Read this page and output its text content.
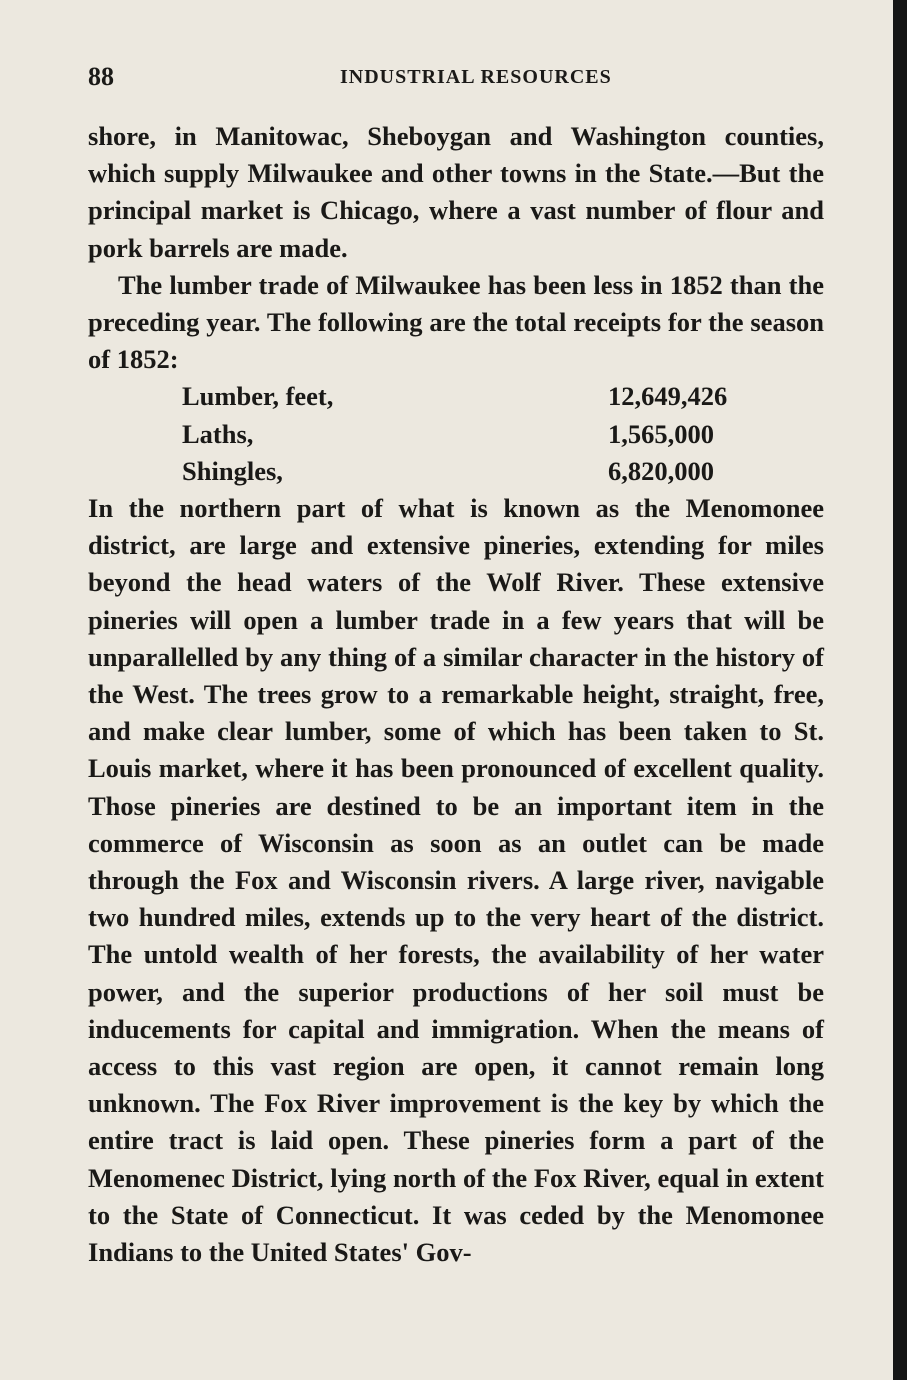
88	INDUSTRIAL RESOURCES

shore, in Manitowac, Sheboygan and Washington counties, which supply Milwaukee and other towns in the State.—But the principal market is Chicago, where a vast number of flour and pork barrels are made.

The lumber trade of Milwaukee has been less in 1852 than the preceding year. The following are the total receipts for the season of 1852:

Lumber, feet,	12,649,426
Laths,	1,565,000
Shingles,	6,820,000

In the northern part of what is known as the Menomonee district, are large and extensive pineries, extending for miles beyond the head waters of the Wolf River. These extensive pineries will open a lumber trade in a few years that will be unparallelled by any thing of a similar character in the history of the West. The trees grow to a remarkable height, straight, free, and make clear lumber, some of which has been taken to St. Louis market, where it has been pronounced of excellent quality. Those pineries are destined to be an important item in the commerce of Wisconsin as soon as an outlet can be made through the Fox and Wisconsin rivers. A large river, navigable two hundred miles, extends up to the very heart of the district. The untold wealth of her forests, the availability of her water power, and the superior productions of her soil must be inducements for capital and immigration. When the means of access to this vast region are open, it cannot remain long unknown. The Fox River improvement is the key by which the entire tract is laid open. These pineries form a part of the Menomenec District, lying north of the Fox River, equal in extent to the State of Connecticut. It was ceded by the Menomonee Indians to the United States' Gov-
